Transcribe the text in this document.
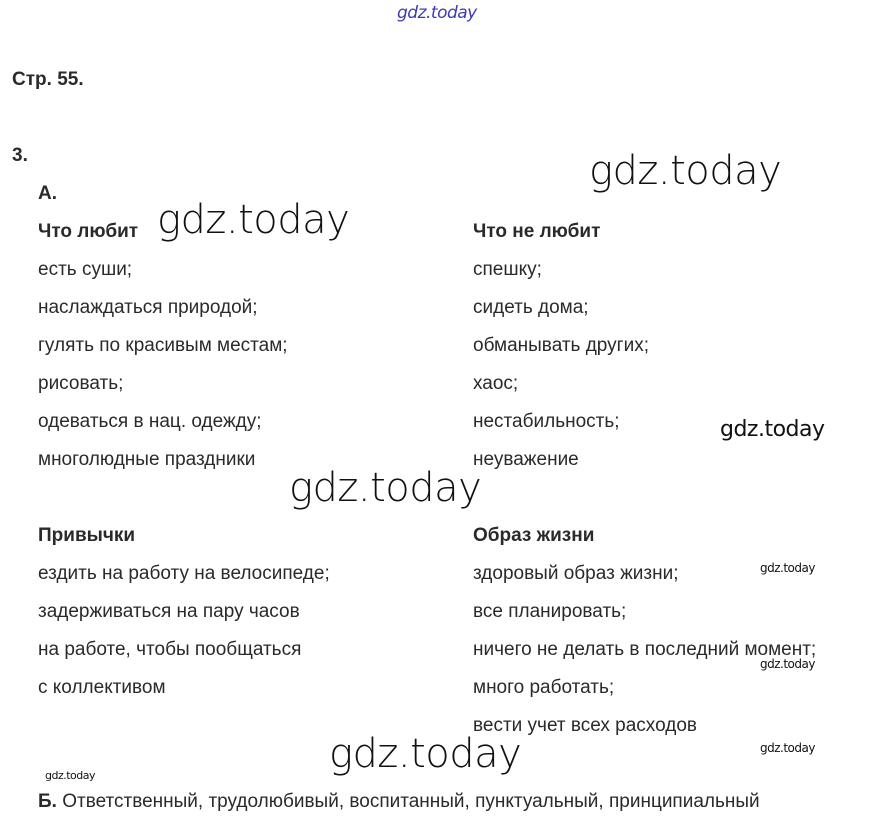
gdz.today
Стр. 55.
3.
А.
Что любит
есть суши;
наслаждаться природой;
гулять по красивым местам;
рисовать;
одеваться в нац. одежду;
многолюдные праздники
Что не любит
спешку;
сидеть дома;
обманывать других;
хаос;
нестабильность;
неуважение
Привычки
ездить на работу на велосипеде;
задерживаться на пару часов
на работе, чтобы пообщаться
с коллективом
Образ жизни
здоровый образ жизни;
все планировать;
ничего не делать в последний момент;
много работать;
вести учет всех расходов
Б. Ответственный, трудолюбивый, воспитанный, пунктуальный, принципиальный
gdz.today
gdz.today
gdz.today
gdz.today
gdz.today
gdz.today
gdz.today
gdz.today
gdz.today
